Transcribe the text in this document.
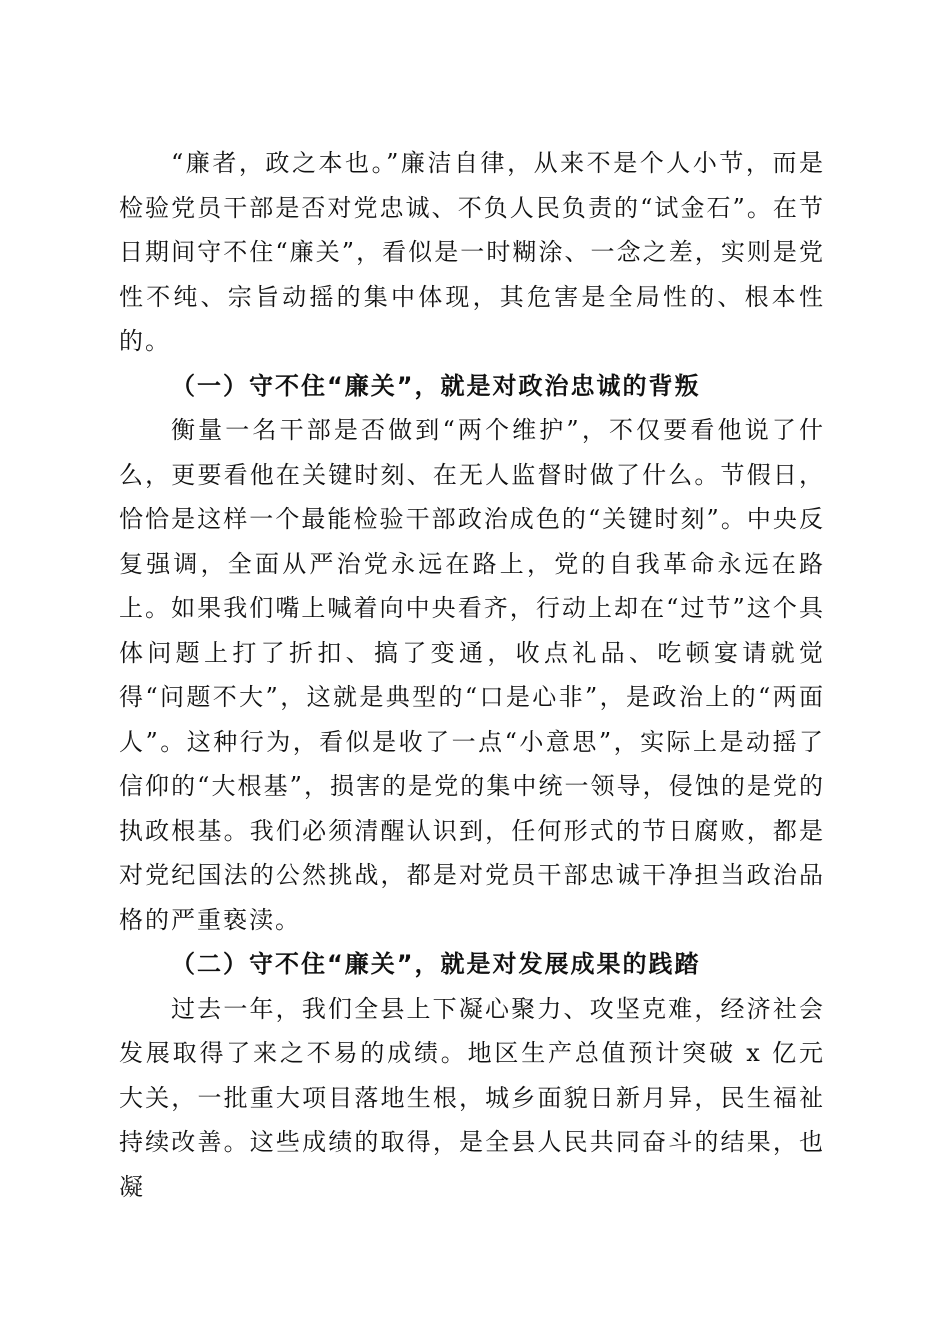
“廉者，政之本也。”廉洁自律，从来不是个人小节，而是检验党员干部是否对党忠诚、不负人民负责的“试金石”。在节日期间守不住“廉关”，看似是一时糊涂、一念之差，实则是党性不纯、宗旨动摇的集中体现，其危害是全局性的、根本性的。

（一）守不住“廉关”，就是对政治忠诚的背叛

衡量一名干部是否做到“两个维护”，不仅要看他说了什么，更要看他在关键时刻、在无人监督时做了什么。节假日，恰恰是这样一个最能检验干部政治成色的“关键时刻”。中央反复强调，全面从严治党永远在路上，党的自我革命永远在路上。如果我们嘴上喊着向中央看齐，行动上却在“过节”这个具体问题上打了折扣、搞了变通，收点礼品、吃顿宴请就觉得“问题不大”，这就是典型的“口是心非”，是政治上的“两面人”。这种行为，看似是收了一点“小意思”，实际上是动摇了信仰的“大根基”，损害的是党的集中统一领导，侵蚀的是党的执政根基。我们必须清醒认识到，任何形式的节日腐败，都是对党纪国法的公然挑战，都是对党员干部忠诚干净担当政治品格的严重亵渎。

（二）守不住“廉关”，就是对发展成果的践踏

过去一年，我们全县上下凝心聚力、攻坚克难，经济社会发展取得了来之不易的成绩。地区生产总值预计突破 x 亿元大关，一批重大项目落地生根，城乡面貌日新月异，民生福祉持续改善。这些成绩的取得，是全县人民共同奋斗的结果，也凝
